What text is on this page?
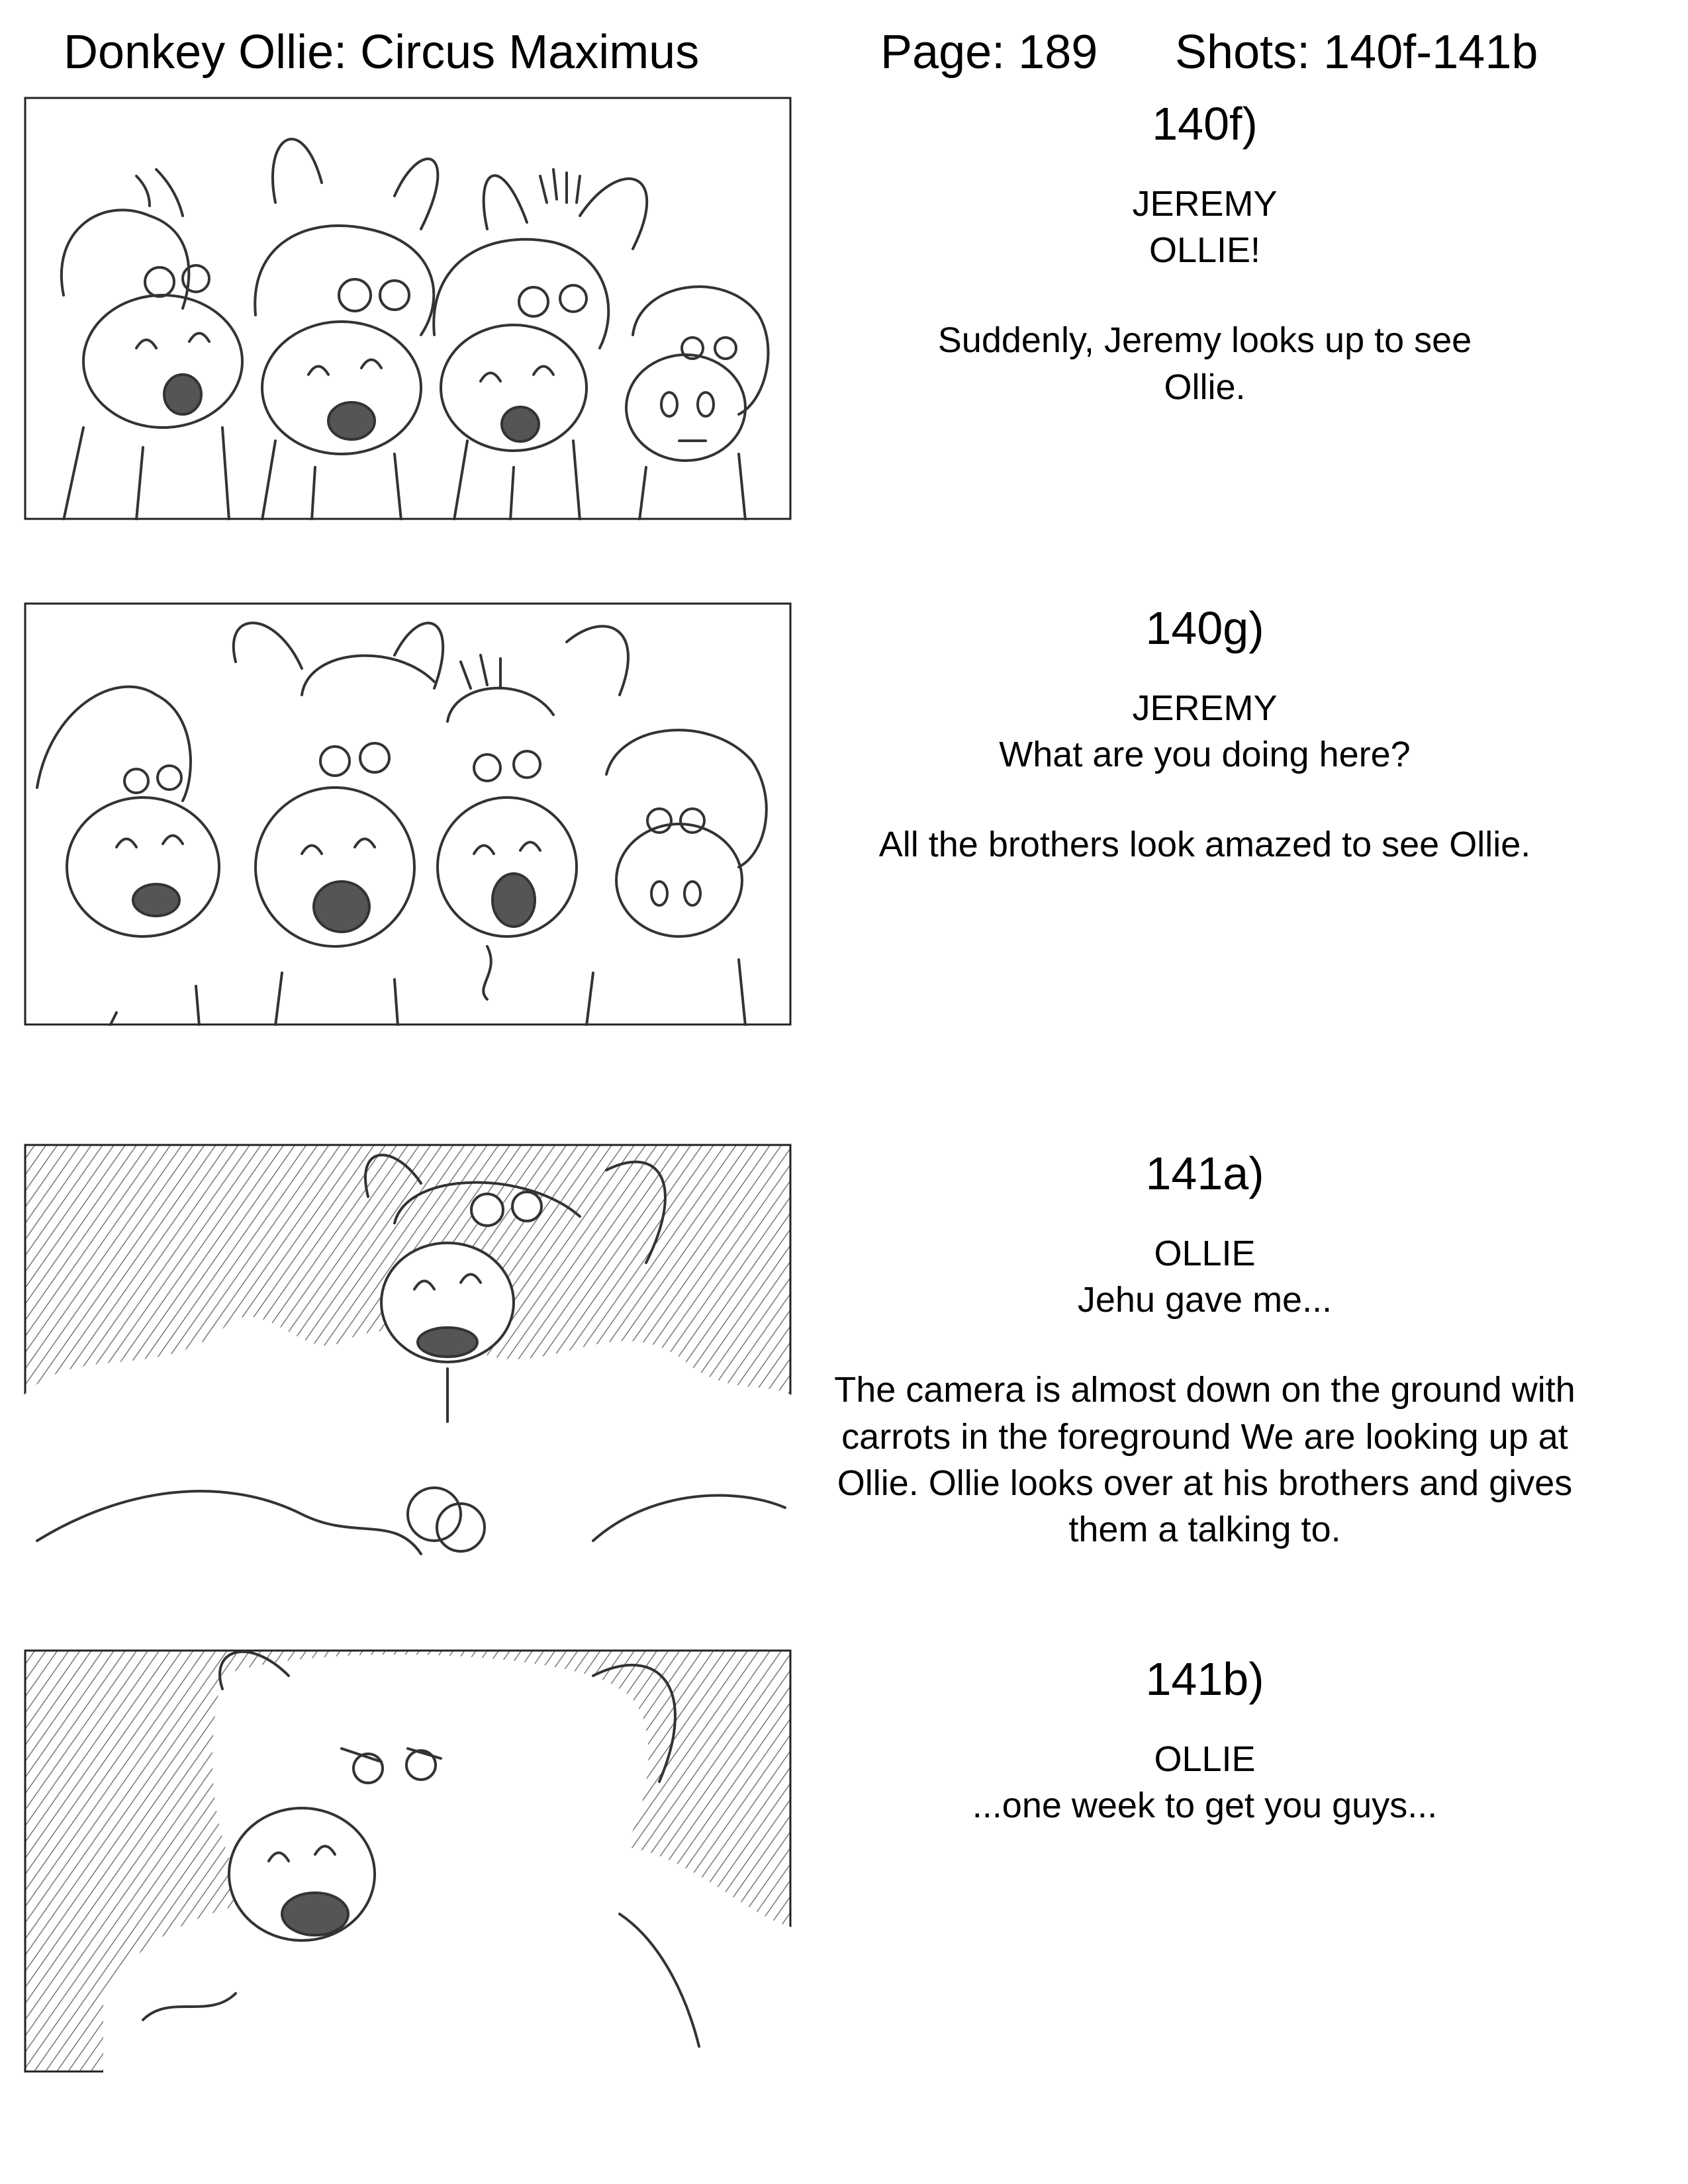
Donkey Ollie: Circus Maximus	Page: 189 Shots: 140f-141b
140f)
JEREMY
OLLIE!
Suddenly, Jeremy looks up to see Ollie.
140g)
JEREMY
What are you doing here?
All the brothers look amazed to see Ollie.
141a)
OLLIE
Jehu gave me...
The camera is almost down on the ground with carrots in the foreground We are looking up at Ollie. Ollie looks over at his brothers and gives them a talking to.
141b)
OLLIE
...one week to get you guys...
